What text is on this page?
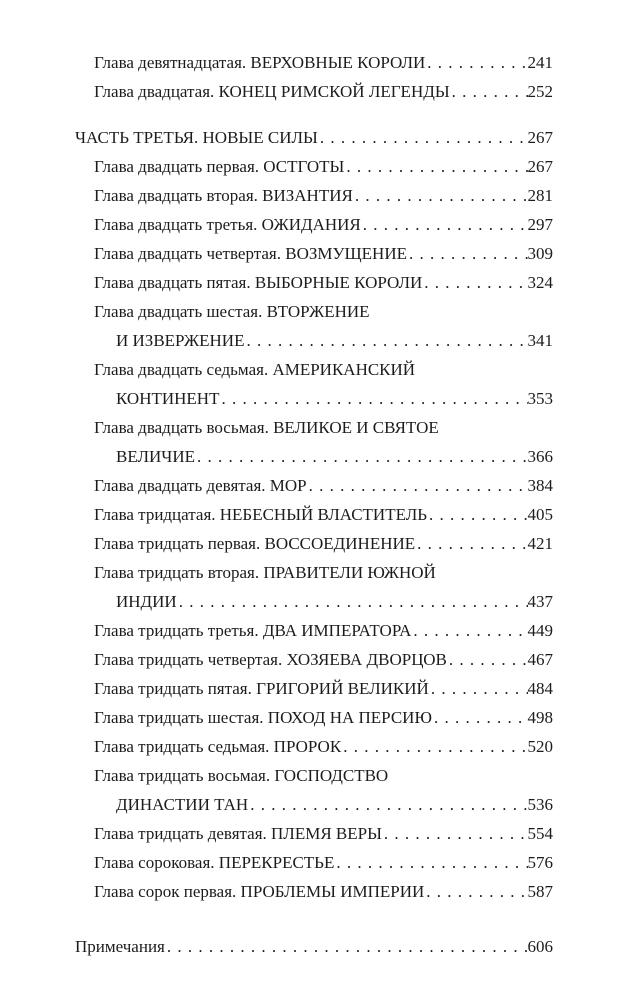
Глава девятнадцатая. ВЕРХОВНЫЕ КОРОЛИ . . .	241
Глава двадцатая. КОНЕЦ РИМСКОЙ ЛЕГЕНДЫ . . .	252
ЧАСТЬ ТРЕТЬЯ. НОВЫЕ СИЛЫ . . .	267
Глава двадцать первая. ОСТГОТЫ . . .	267
Глава двадцать вторая. ВИЗАНТИЯ . . .	281
Глава двадцать третья. ОЖИДАНИЯ . . .	297
Глава двадцать четвертая. ВОЗМУЩЕНИЕ . . .	309
Глава двадцать пятая. ВЫБОРНЫЕ КОРОЛИ . . .	324
Глава двадцать шестая. ВТОРЖЕНИЕ
И ИЗВЕРЖЕНИЕ . . .	341
Глава двадцать седьмая. АМЕРИКАНСКИЙ
КОНТИНЕНТ . . .	353
Глава двадцать восьмая. ВЕЛИКОЕ И СВЯТОЕ
ВЕЛИЧИЕ . . .	366
Глава двадцать девятая. МОР . . .	384
Глава тридцатая. НЕБЕСНЫЙ ВЛАСТИТЕЛЬ . . .	405
Глава тридцать первая. ВОССОЕДИНЕНИЕ . . .	421
Глава тридцать вторая. ПРАВИТЕЛИ ЮЖНОЙ
ИНДИИ . . .	437
Глава тридцать третья. ДВА ИМПЕРАТОРА . . .	449
Глава тридцать четвертая. ХОЗЯЕВА ДВОРЦОВ . . .	467
Глава тридцать пятая. ГРИГОРИЙ ВЕЛИКИЙ . . .	484
Глава тридцать шестая. ПОХОД НА ПЕРСИЮ . . .	498
Глава тридцать седьмая. ПРОРОК . . .	520
Глава тридцать восьмая. ГОСПОДСТВО
ДИНАСТИИ ТАН . . .	536
Глава тридцать девятая. ПЛЕМЯ ВЕРЫ . . .	554
Глава сороковая. ПЕРЕКРЕСТЬЕ . . .	576
Глава сорок первая. ПРОБЛЕМЫ ИМПЕРИИ . . .	587
Примечания . . .	606
